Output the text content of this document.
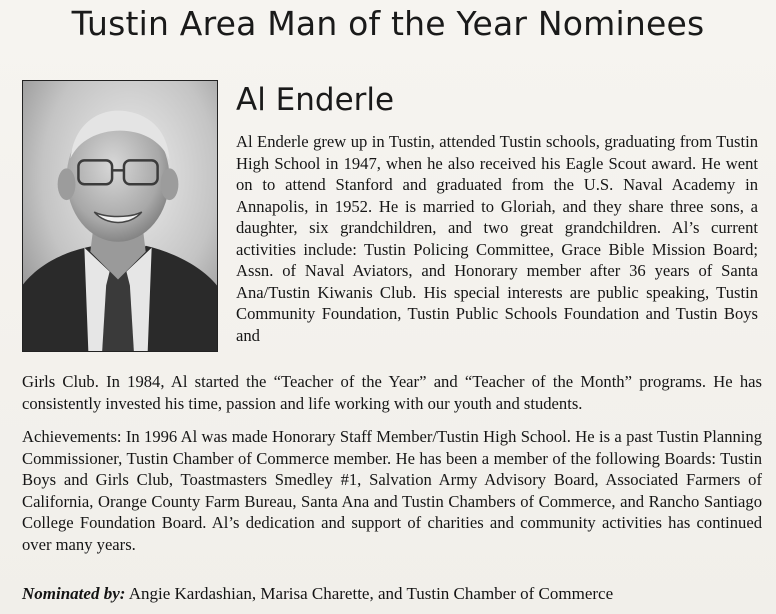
Tustin Area Man of the Year Nominees
Al Enderle

Al Enderle grew up in Tustin, attended Tustin schools, graduating from Tustin High School in 1947, when he also received his Eagle Scout award. He went on to attend Stanford and graduated from the U.S. Naval Academy in Annapolis, in 1952. He is married to Gloriah, and they share three sons, a daughter, six grandchildren, and two great grandchildren. Al’s current activities include: Tustin Policing Committee, Grace Bible Mission Board; Assn. of Naval Aviators, and Honorary member after 36 years of Santa Ana/Tustin Kiwanis Club. His special interests are public speaking, Tustin Community Foundation, Tustin Public Schools Foundation and Tustin Boys and

Girls Club. In 1984, Al started the “Teacher of the Year” and “Teacher of the Month” programs. He has consistently invested his time, passion and life working with our youth and students.

Achievements: In 1996 Al was made Honorary Staff Member/Tustin High School. He is a past Tustin Planning Commissioner, Tustin Chamber of Commerce member. He has been a member of the following Boards: Tustin Boys and Girls Club, Toastmasters Smedley #1, Salvation Army Advisory Board, Associated Farmers of California, Orange County Farm Bureau, Santa Ana and Tustin Chambers of Commerce, and Rancho Santiago College Foundation Board. Al’s dedication and support of charities and community activities has continued over many years.

Nominated by: Angie Kardashian, Marisa Charette, and Tustin Chamber of Commerce
